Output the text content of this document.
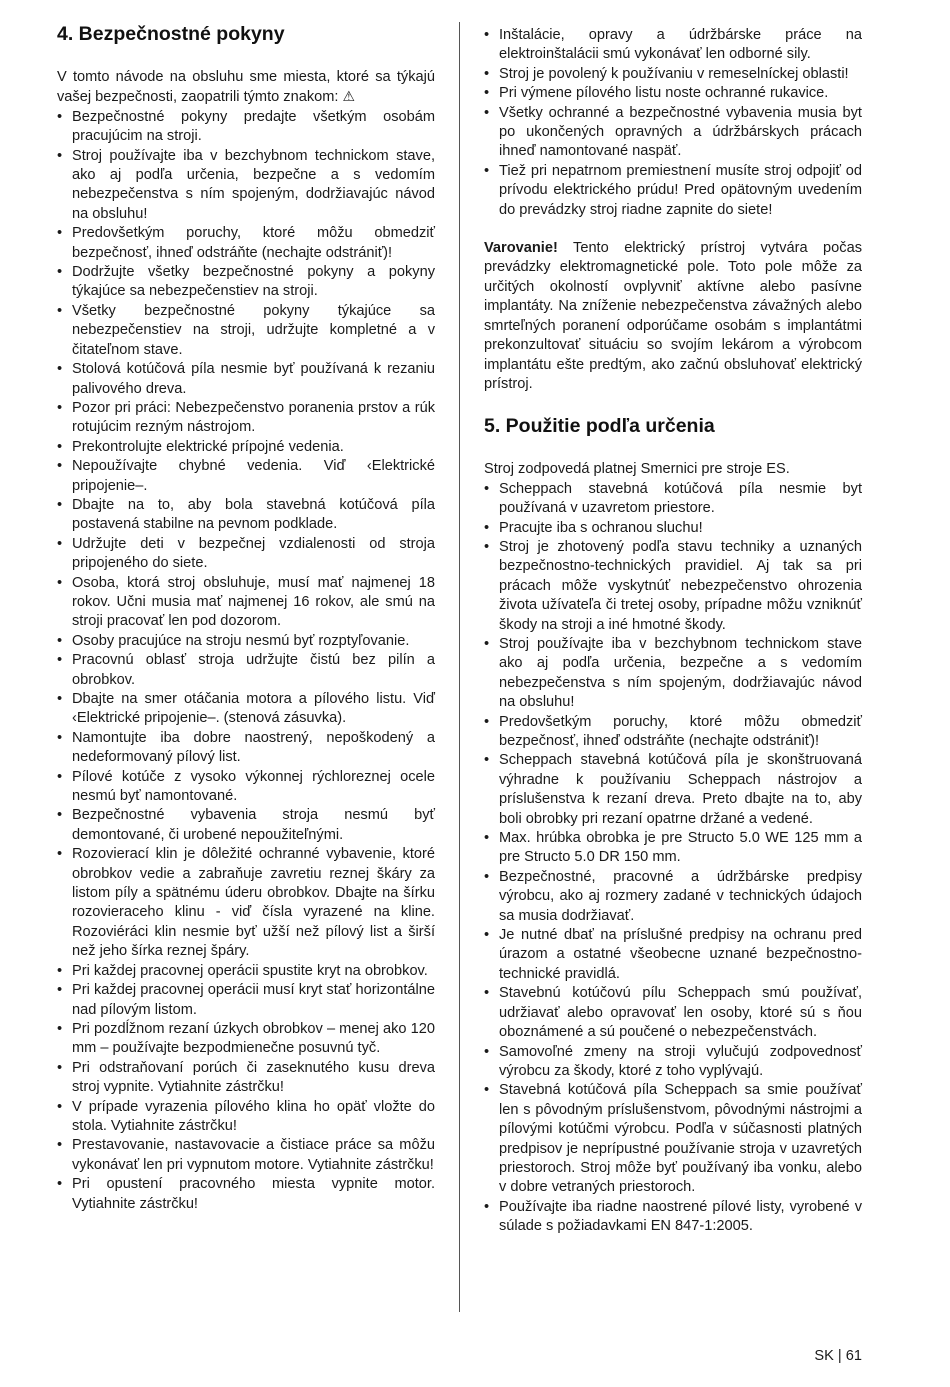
4. Bezpečnostné pokyny

V tomto návode na obsluhu sme miesta, ktoré sa týkajú vašej bezpečnosti, zaopatrili týmto znakom: ⚠

• Bezpečnostné pokyny predajte všetkým osobám pracujúcim na stroji.
• Stroj používajte iba v bezchybnom technickom stave, ako aj podľa určenia, bezpečne a s vedomím nebezpečenstva s ním spojeným, dodržiavajúc návod na obsluhu!
• Predovšetkým poruchy, ktoré môžu obmedziť bezpečnosť, ihneď odstráňte (nechajte odstrániť)!
• Dodržujte všetky bezpečnostné pokyny a pokyny týkajúce sa nebezpečenstiev na stroji.
• Všetky bezpečnostné pokyny týkajúce sa nebezpečenstiev na stroji, udržujte kompletné a v čitateľnom stave.
• Stolová kotúčová píla nesmie byť používaná k rezaniu palivového dreva.
• Pozor pri práci: Nebezpečenstvo poranenia prstov a rúk rotujúcim rezným nástrojom.
• Prekontrolujte elektrické prípojné vedenia.
• Nepoužívajte chybné vedenia. Viď ‹Elektrické pripojenie–.
• Dbajte na to, aby bola stavebná kotúčová píla postavená stabilne na pevnom podklade.
• Udržujte deti v bezpečnej vzdialenosti od stroja pripojeného do siete.
• Osoba, ktorá stroj obsluhuje, musí mať najmenej 18 rokov. Učni musia mať najmenej 16 rokov, ale smú na stroji pracovať len pod dozorom.
• Osoby pracujúce na stroju nesmú byť rozptyľovanie.
• Pracovnú oblasť stroja udržujte čistú bez pilín a obrobkov.
• Dbajte na smer otáčania motora a pílového listu. Viď ‹Elektrické pripojenie–. (stenová zásuvka).
• Namontujte iba dobre naostrený, nepoškodený a nedeformovaný pílový list.
• Pílové kotúče z vysoko výkonnej rýchloreznej ocele nesmú byť namontované.
• Bezpečnostné vybavenia stroja nesmú byť demontované, či urobené nepoužiteľnými.
• Rozovierací klin je dôležité ochranné vybavenie, ktoré obrobkov vedie a zabraňuje zavretiu reznej škáry za listom píly a spätnému úderu obrobkov. Dbajte na šírku rozovieraceho klinu - viď čísla vyrazené na kline. Rozoviéráci klin nesmie byť užší než pílový list a širší než jeho šírka reznej špáry.
• Pri každej pracovnej operácii spustite kryt na obrobkov.
• Pri každej pracovnej operácii musí kryt stať horizontálne nad pílovým listom.
• Pri pozdĺžnom rezaní úzkych obrobkov – menej ako 120 mm – používajte bezpodmienečne posuvnú tyč.
• Pri odstraňovaní porúch či zaseknutého kusu dreva stroj vypnite. Vytiahnite zástrčku!
• V prípade vyrazenia pílového klina ho opäť vložte do stola. Vytiahnite zástrčku!
• Prestavovanie, nastavovacie a čistiace práce sa môžu vykonávať len pri vypnutom motore. Vytiahnite zástrčku!
• Pri opustení pracovného miesta vypnite motor. Vytiahnite zástrčku!
• Inštalácie, opravy a údržbárske práce na elektroinštalácii smú vykonávať len odborné sily.
• Stroj je povolený k používaniu v remeselníckej oblasti!
• Pri výmene pílového listu noste ochranné rukavice.
• Všetky ochranné a bezpečnostné vybavenia musia byt po ukončených opravných a údržbárskych prácach ihneď namontované naspäť.
• Tiež pri nepatrnom premiestnení musíte stroj odpojiť od prívodu elektrického prúdu! Pred opätovným uvedením do prevádzky stroj riadne zapnite do siete!

Varovanie! Tento elektrický prístroj vytvára počas prevádzky elektromagnetické pole. Toto pole môže za určitých okolností ovplyvniť aktívne alebo pasívne implantáty. Na zníženie nebezpečenstva závažných alebo smrteľných poranení odporúčame osobám s implantátmi prekonzultovať situáciu so svojím lekárom a výrobcom implantátu ešte predtým, ako začnú obsluhovať elektrický prístroj.

5. Použitie podľa určenia

Stroj zodpovedá platnej Smernici pre stroje ES.

• Scheppach stavebná kotúčová píla nesmie byt používaná v uzavretom priestore.
• Pracujte iba s ochranou sluchu!
• Stroj je zhotovený podľa stavu techniky a uznaných bezpečnostno-technických pravidiel. Aj tak sa pri prácach môže vyskytnúť nebezpečenstvo ohrozenia života užívateľa či tretej osoby, prípadne môžu vzniknúť škody na stroji a iné hmotné škody.
• Stroj používajte iba v bezchybnom technickom stave ako aj podľa určenia, bezpečne a s vedomím nebezpečenstva s ním spojeným, dodržiavajúc návod na obsluhu!
• Predovšetkým poruchy, ktoré môžu obmedziť bezpečnosť, ihneď odstráňte (nechajte odstrániť)!
• Scheppach stavebná kotúčová píla je skonštruovaná výhradne k používaniu Scheppach nástrojov a príslušenstva k rezaní dreva. Preto dbajte na to, aby boli obrobky pri rezaní opatrne držané a vedené.
• Max. hrúbka obrobka je pre Structo 5.0 WE 125 mm a pre Structo 5.0 DR 150 mm.
• Bezpečnostné, pracovné a údržbárske predpisy výrobcu, ako aj rozmery zadané v technických údajoch sa musia dodržiavať.
• Je nutné dbať na príslušné predpisy na ochranu pred úrazom a ostatné všeobecne uznané bezpečnostno-technické pravidlá.
• Stavebnú kotúčovú pílu Scheppach smú používať, udržiavať alebo opravovať len osoby, ktoré sú s ňou oboznámené a sú poučené o nebezpečenstvách.
• Samovoľné zmeny na stroji vylučujú zodpovednosť výrobcu za škody, ktoré z toho vyplývajú.
• Stavebná kotúčová píla Scheppach sa smie používať len s pôvodným príslušenstvom, pôvodnými nástrojmi a pílovými kotúčmi výrobcu. Podľa v súčasnosti platných predpisov je neprípustné používanie stroja v uzavretých priestoroch. Stroj môže byť používaný iba vonku, alebo v dobre vetraných priestoroch.
• Používajte iba riadne naostrené pílové listy, vyrobené v súlade s požiadavkami EN 847-1:2005.
SK | 61
